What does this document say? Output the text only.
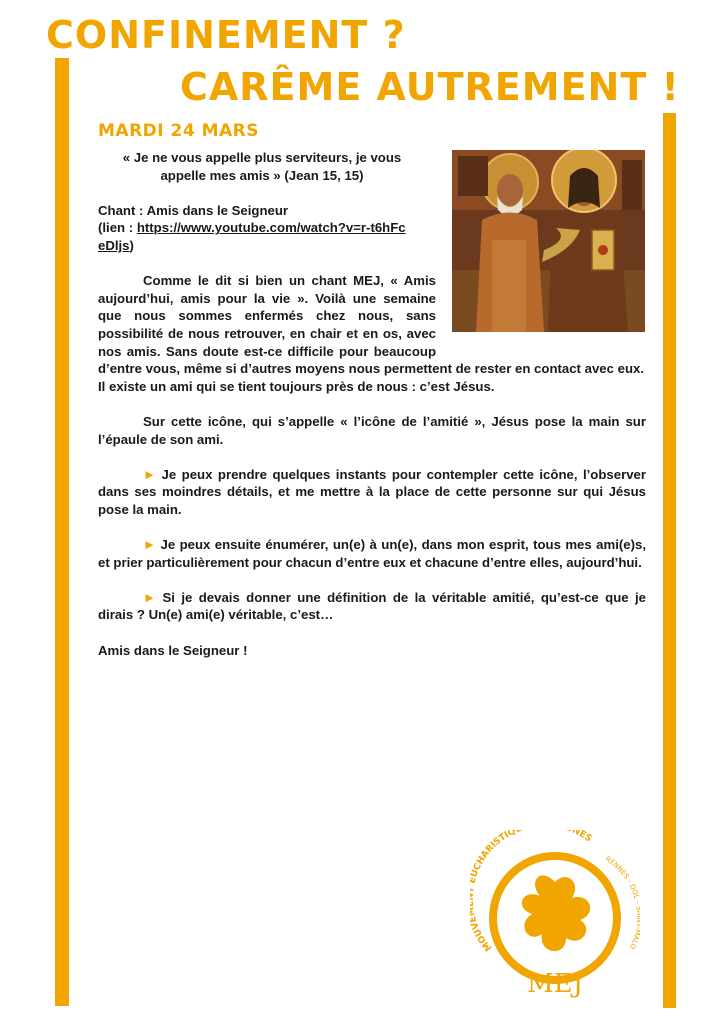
CONFINEMENT ?
CARÊME AUTREMENT !
MARDI 24 MARS

« Je ne vous appelle plus serviteurs, je vous

appelle mes amis » (Jean 15, 15)

Chant : Amis dans le Seigneur

(lien : https://www.youtube.com/watch?v=r-t6hFceDljs)

Comme le dit si bien un chant MEJ, « Amis aujourd’hui, amis pour la vie ». Voilà une semaine que nous sommes enfermés chez nous, sans possibilité de nous retrouver, en chair et en os, avec nos amis. Sans doute est-ce difficile pour beaucoup d’entre vous, même si d’autres moyens nous permettent de rester en contact avec eux.

Il existe un ami qui se tient toujours près de nous : c’est Jésus.

Sur cette icône, qui s’appelle « l’icône de l’amitié », Jésus pose la main sur l’épaule de son ami.

► Je peux prendre quelques instants pour contempler cette icône, l’observer dans ses moindres détails, et me mettre à la place de cette personne sur qui Jésus pose la main.

► Je peux ensuite énumérer, un(e) à un(e), dans mon esprit, tous mes ami(e)s, et prier particulièrement pour chacun d’entre eux et chacune d’entre elles, aujourd’hui.

► Si je devais donner une définition de la véritable amitié, qu’est-ce que je dirais ? Un(e) ami(e) véritable, c’est…

Amis dans le Seigneur !

MOUV UCHARISTIQ NES
RENNES - DOL ALO
MEJ
